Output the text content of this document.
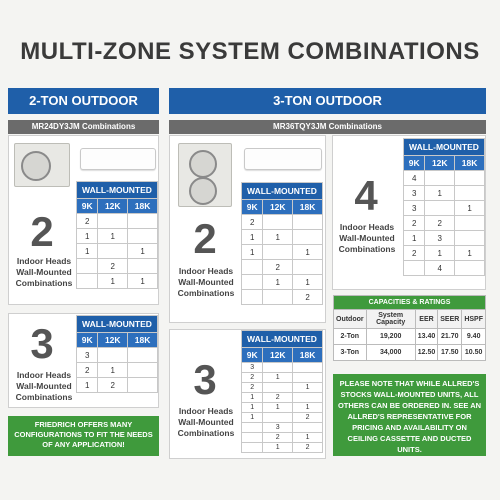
MULTI-ZONE SYSTEM COMBINATIONS
2-TON OUTDOOR
MR24DY3JM Combinations
2
Indoor Heads
Wall-Mounted
Combinations
WALL-MOUNTED		
9K	12K	18K
2		
1	1	
1		1
	2	
	1	1
3
Indoor Heads
Wall-Mounted
Combinations
WALL-MOUNTED		
9K	12K	18K
3		
2	1	
1	2	
FRIEDRICH OFFERS MANY CONFIGURATIONS TO FIT THE NEEDS OF ANY APPLICATION!
3-TON OUTDOOR
MR36TQY3JM Combinations
2
Indoor Heads
Wall-Mounted
Combinations
WALL-MOUNTED		
9K	12K	18K
2		
1	1	
1		1
	2	
	1	1
		2
3
Indoor Heads
Wall-Mounted
Combinations
WALL-MOUNTED		
9K	12K	18K
3		
2	1	
2		1
1	2	
1	1	1
1		2
	3	
	2	1
	1	2
4
Indoor Heads
Wall-Mounted
Combinations
WALL-MOUNTED		
9K	12K	18K
4		
3	1	
3		1
2	2	
1	3	
2	1	1
	4	
CAPACITIES & RATINGS				
Outdoor	System Capacity	EER	SEER	HSPF
2-Ton	19,200	13.40	21.70	9.40
3-Ton	34,000	12.50	17.50	10.50
PLEASE NOTE THAT WHILE ALLRED'S STOCKS WALL-MOUNTED UNITS, ALL OTHERS CAN BE ORDERED IN. SEE AN ALLRED'S REPRESENTATIVE FOR PRICING AND AVAILABILITY ON CEILING CASSETTE AND DUCTED UNITS.
